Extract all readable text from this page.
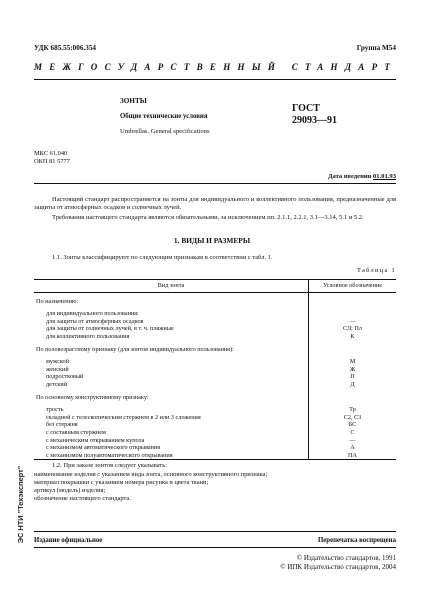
УДК 685.55:006.354	Группа М54
МЕЖГОСУДАРСТВЕННЫЙ СТАНДАРТ
ЗОНТЫ
Общие технические условия
Umbrellas. General specifications
ГОСТ
29093—91
МКС 61.040
ОКП 81 5777
Дата введения 01.01.93
Настоящий стандарт распространяется на зонты для индивидуального и коллективного пользования, предназначенные для защиты от атмосферных осадков и солнечных лучей.
Требования настоящего стандарта являются обязательными, за исключением пп. 2.1.1, 2.2.1, 3.1—3.14, 5.1 и 5.2.
1. ВИДЫ И РАЗМЕРЫ
1.1. Зонты классифицируют по следующим признакам в соответствии с табл. 1.
Таблица 1
Вид зонта	Условное обозначение

По назначению:	

для индивидуального пользования:	
для защиты от атмосферных осадков	—
для защиты от солнечных лучей, в т. ч. пляжные	СЛ; Пл
для коллективного пользования	К

По половозрастному признаку (для зонтов индивидуального пользования):	

мужской	М
женский	Ж
подростковый	П
детский	Д

По основному конструктивному признаку:	

трость	Тр
складной с телескопическим стержнем в 2 или 3 сложения	С2, С3
без стержня	БС
с составным стержнем	С
с механическим открыванием купола	—
с механизмом автоматического открывания	А
с механизмом полуавтоматического открывания	ПА
1.2. При заказе зонтов следует указывать:
наименование изделия с указанием вида зонта, основного конструктивного признака;
материал покрышки с указанием номера рисунка и цвета ткани;
артикул (модель) изделия;
обозначение настоящего стандарта.
Издание официальное	Перепечатка воспрещена
© Издательство стандартов, 1991
© ИПК Издательство стандартов, 2004
ЭС НТИ "Техэксперт"
